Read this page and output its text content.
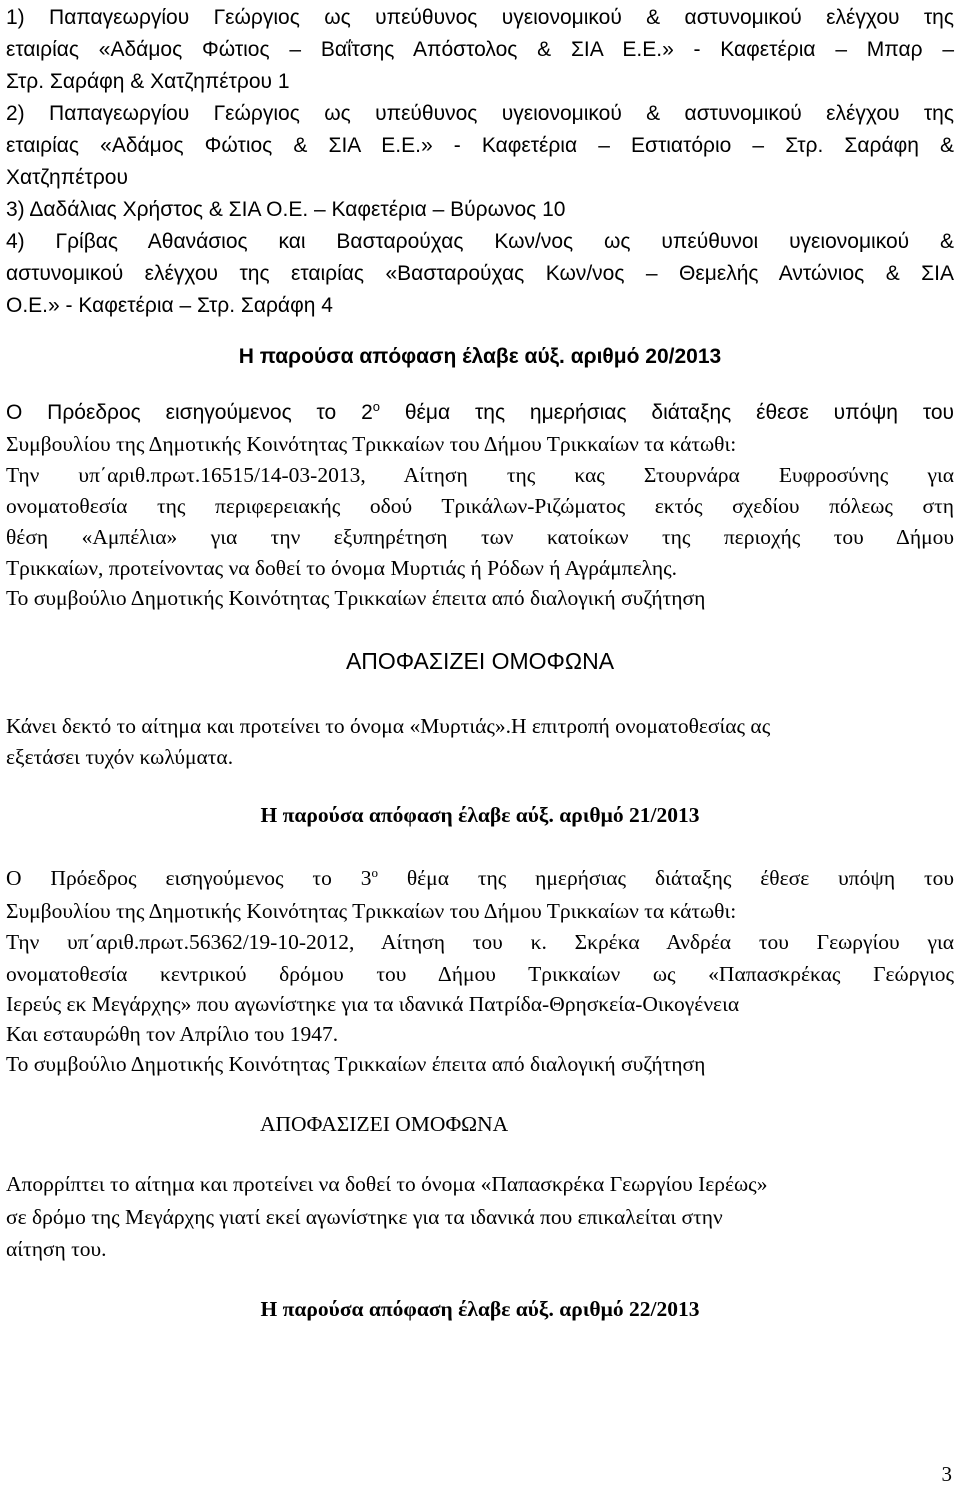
1) Παπαγεωργίου Γεώργιος ως υπεύθυνος υγειονομικού & αστυνομικού ελέγχου της
εταιρίας «Αδάμος Φώτιος – Βαΐτσης Απόστολος & ΣΙΑ Ε.Ε.» - Καφετέρια – Μπαρ –
Στρ. Σαράφη & Χατζηπέτρου 1
2) Παπαγεωργίου Γεώργιος ως υπεύθυνος υγειονομικού & αστυνομικού ελέγχου της
εταιρίας «Αδάμος Φώτιος & ΣΙΑ Ε.Ε.» - Καφετέρια – Εστιατόριο – Στρ. Σαράφη &
Χατζηπέτρου
3) Δαδάλιας Χρήστος & ΣΙΑ Ο.Ε. – Καφετέρια – Βύρωνος 10
4) Γρίβας Αθανάσιος και Βασταρούχας Κων/νος ως υπεύθυνοι υγειονομικού &
αστυνομικού ελέγχου της εταιρίας «Βασταρούχας Κων/νος – Θεμελής Αντώνιος & ΣΙΑ
Ο.Ε.» - Καφετέρια – Στρ. Σαράφη 4
Η παρούσα απόφαση έλαβε αύξ. αριθμό 20/2013
Ο Πρόεδρος εισηγούμενος το $2^o$ θέμα της ημερήσιας διάταξης έθεσε υπόψη του
Συμβουλίου της Δημοτικής Κοινότητας Τρικκαίων του Δήμου Τρικκαίων τα κάτωθι:
Την υπ΄αριθ.πρωτ.16515/14-03-2013, Αίτηση της κας Στουρνάρα Ευφροσύνης για
ονοματοθεσία της περιφερειακής οδού Τρικάλων-Ριζώματος εκτός σχεδίου πόλεως στη
θέση «Αμπέλια» για την εξυπηρέτηση των κατοίκων της περιοχής του Δήμου
Τρικκαίων, προτείνοντας να δοθεί το όνομα Μυρτιάς ή Ρόδων ή Αγράμπελης.
Το συμβούλιο Δημοτικής Κοινότητας Τρικκαίων έπειτα από διαλογική συζήτηση
ΑΠΟΦΑΣΙΖΕΙ ΟΜΟΦΩΝΑ
Κάνει δεκτό το αίτημα και προτείνει το όνομα «Μυρτιάς».Η επιτροπή ονοματοθεσίας ας
εξετάσει τυχόν κωλύματα.
Η παρούσα απόφαση έλαβε αύξ. αριθμό 21/2013
Ο Πρόεδρος εισηγούμενος το $3^o$ θέμα της ημερήσιας διάταξης έθεσε υπόψη του
Συμβουλίου της Δημοτικής Κοινότητας Τρικκαίων του Δήμου Τρικκαίων τα κάτωθι:
Την υπ΄αριθ.πρωτ.56362/19-10-2012, Αίτηση του κ. Σκρέκα Ανδρέα του Γεωργίου για
ονοματοθεσία κεντρικού δρόμου του Δήμου Τρικκαίων ως «Παπασκρέκας Γεώργιος
Ιερεύς εκ Μεγάρχης» που αγωνίστηκε για τα ιδανικά Πατρίδα-Θρησκεία-Οικογένεια
Και εσταυρώθη τον Απρίλιο του 1947.
Το συμβούλιο Δημοτικής Κοινότητας Τρικκαίων έπειτα από διαλογική συζήτηση
ΑΠΟΦΑΣΙΖΕΙ ΟΜΟΦΩΝΑ
Απορρίπτει το αίτημα και προτείνει να δοθεί το όνομα «Παπασκρέκα Γεωργίου Ιερέως»
σε δρόμο της Μεγάρχης γιατί εκεί αγωνίστηκε για τα ιδανικά που επικαλείται στην
αίτηση του.
Η παρούσα απόφαση έλαβε αύξ. αριθμό 22/2013
3
